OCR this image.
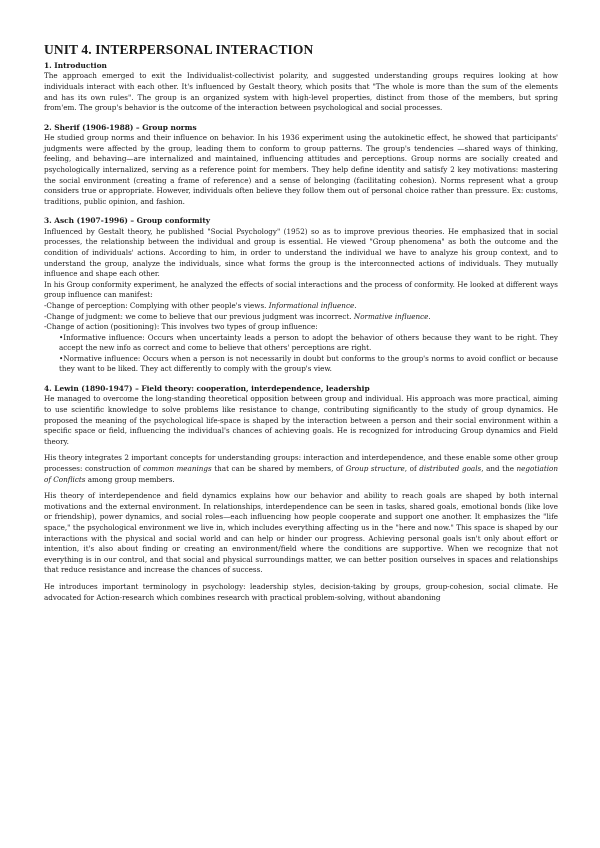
UNIT 4. INTERPERSONAL INTERACTION
1. Introduction

The approach emerged to exit the Individualist-collectivist polarity, and suggested understanding groups requires looking at how individuals interact with each other. It's influenced by Gestalt theory, which posits that "The whole is more than the sum of the elements and has its own rules". The group is an organized system with high-level properties, distinct from those of the members, but spring from'em. The group's behavior is the outcome of the interaction between psychological and social processes.

2. Sherif (1906-1988) – Group norms

He studied group norms and their influence on behavior. In his 1936 experiment using the autokinetic effect, he showed that participants' judgments were affected by the group, leading them to conform to group patterns. The group's tendencies —shared ways of thinking, feeling, and behaving—are internalized and maintained, influencing attitudes and perceptions. Group norms are socially created and psychologically internalized, serving as a reference point for members. They help define identity and satisfy 2 key motivations: mastering the social environment (creating a frame of reference) and a sense of belonging (facilitating cohesion). Norms represent what a group considers true or appropriate. However, individuals often believe they follow them out of personal choice rather than pressure. Ex: customs, traditions, public opinion, and fashion.

3. Asch (1907-1996) – Group conformity

Influenced by Gestalt theory, he published "Social Psychology" (1952) so as to improve previous theories. He emphasized that in social processes, the relationship between the individual and group is essential. He viewed "Group phenomena" as both the outcome and the condition of individuals' actions. According to him, in order to understand the individual we have to analyze his group context, and to understand the group, analyze the individuals, since what forms the group is the interconnected actions of individuals. They mutually influence and shape each other.

In his Group conformity experiment, he analyzed the effects of social interactions and the process of conformity. He looked at different ways group influence can manifest:

-Change of perception: Complying with other people's views. Informational influence.

-Change of judgment: we come to believe that our previous judgment was incorrect. Normative influence.

-Change of action (positioning): This involves two types of group influence:

•Informative influence: Occurs when uncertainty leads a person to adopt the behavior of others because they want to be right. They accept the new info as correct and come to believe that others' perceptions are right.

•Normative influence: Occurs when a person is not necessarily in doubt but conforms to the group's norms to avoid conflict or because they want to be liked. They act differently to comply with the group's view.

4. Lewin (1890-1947) – Field theory: cooperation, interdependence, leadership

He managed to overcome the long-standing theoretical opposition between group and individual. His approach was more practical, aiming to use scientific knowledge to solve problems like resistance to change, contributing significantly to the study of group dynamics. He proposed the meaning of the psychological life-space is shaped by the interaction between a person and their social environment within a specific space or field, influencing the individual's chances of achieving goals. He is recognized for introducing Group dynamics and Field theory.

His theory integrates 2 important concepts for understanding groups: interaction and interdependence, and these enable some other group processes: construction of common meanings that can be shared by members, of Group structure, of distributed goals, and the negotiation of Conflicts among group members.

His theory of interdependence and field dynamics explains how our behavior and ability to reach goals are shaped by both internal motivations and the external environment. In relationships, interdependence can be seen in tasks, shared goals, emotional bonds (like love or friendship), power dynamics, and social roles—each influencing how people cooperate and support one another. It emphasizes the "life space," the psychological environment we live in, which includes everything affecting us in the "here and now." This space is shaped by our interactions with the physical and social world and can help or hinder our progress. Achieving personal goals isn't only about effort or intention, it's also about finding or creating an environment/field where the conditions are supportive. When we recognize that not everything is in our control, and that social and physical surroundings matter, we can better position ourselves in spaces and relationships that reduce resistance and increase the chances of success.

He introduces important terminology in psychology: leadership styles, decision-taking by groups, group-cohesion, social climate. He advocated for Action-research which combines research with practical problem-solving, without abandoning
